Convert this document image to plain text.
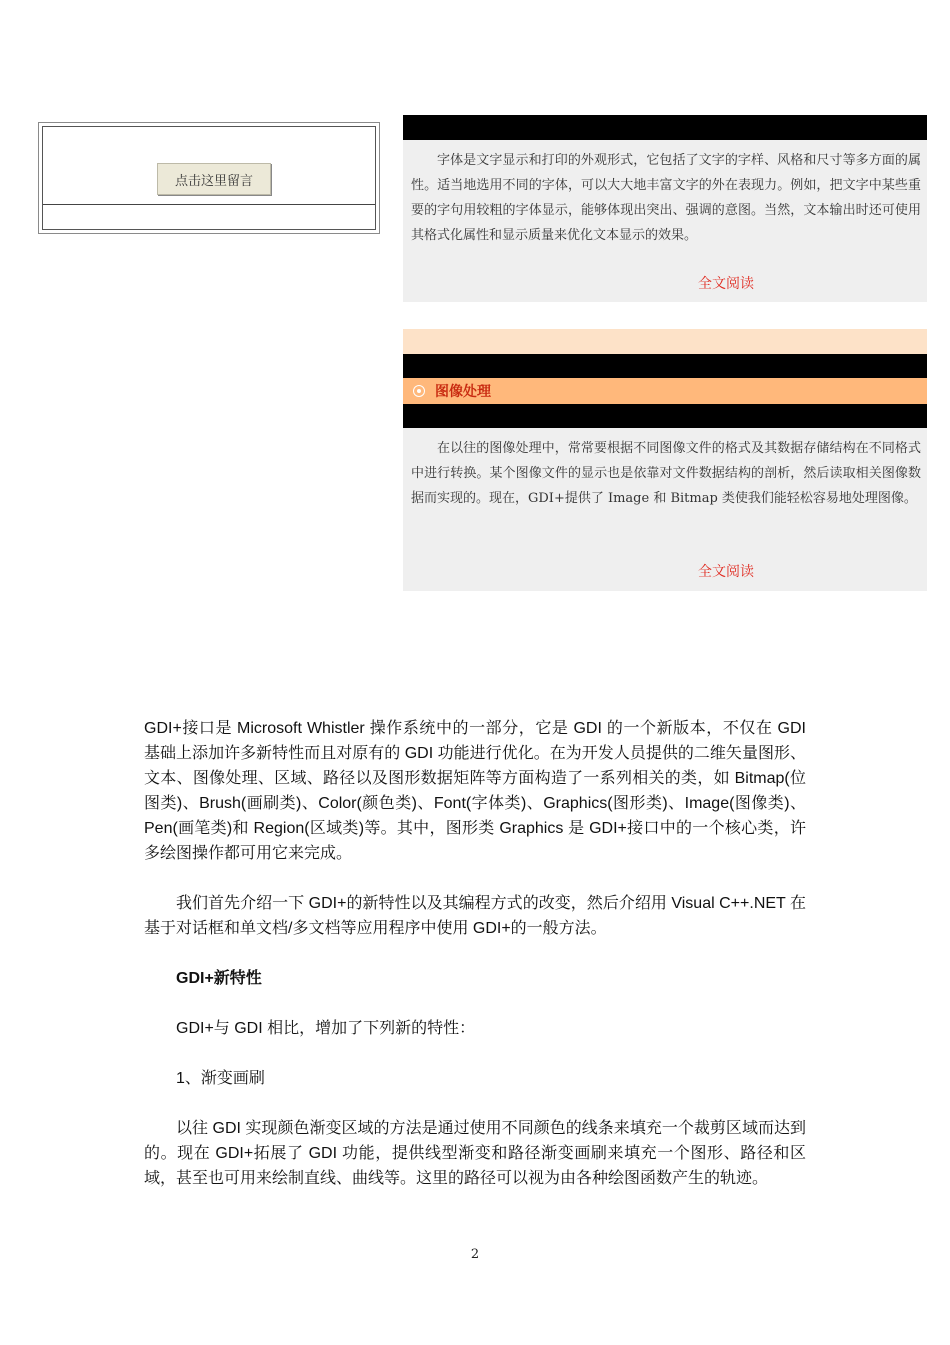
点击这里留言

字体是文字显示和打印的外观形式，它包括了文字的字样、风格和尺寸等多方面的属性。适当地选用不同的字体，可以大大地丰富文字的外在表现力。例如，把文字中某些重要的字句用较粗的字体显示，能够体现出突出、强调的意图。当然，文本输出时还可使用其格式化属性和显示质量来优化文本显示的效果。

全文阅读
图像处理

在以往的图像处理中，常常要根据不同图像文件的格式及其数据存储结构在不同格式中进行转换。某个图像文件的显示也是依靠对文件数据结构的剖析，然后读取相关图像数据而实现的。现在，GDI+提供了 Image 和 Bitmap 类使我们能轻松容易地处理图像。

全文阅读

GDI+接口是 Microsoft Whistler 操作系统中的一部分，它是 GDI 的一个新版本，不仅在 GDI 基础上添加许多新特性而且对原有的 GDI 功能进行优化。在为开发人员提供的二维矢量图形、文本、图像处理、区域、路径以及图形数据矩阵等方面构造了一系列相关的类，如 Bitmap(位图类)、Brush(画刷类)、Color(颜色类)、Font(字体类)、Graphics(图形类)、Image(图像类)、Pen(画笔类)和 Region(区域类)等。其中，图形类 Graphics 是 GDI+接口中的一个核心类，许多绘图操作都可用它来完成。

我们首先介绍一下 GDI+的新特性以及其编程方式的改变，然后介绍用 Visual C++.NET 在基于对话框和单文档/多文档等应用程序中使用 GDI+的一般方法。

GDI+新特性

GDI+与 GDI 相比，增加了下列新的特性：

1、渐变画刷

以往 GDI 实现颜色渐变区域的方法是通过使用不同颜色的线条来填充一个裁剪区域而达到的。现在 GDI+拓展了 GDI 功能，提供线型渐变和路径渐变画刷来填充一个图形、路径和区域，甚至也可用来绘制直线、曲线等。这里的路径可以视为由各种绘图函数产生的轨迹。

2
